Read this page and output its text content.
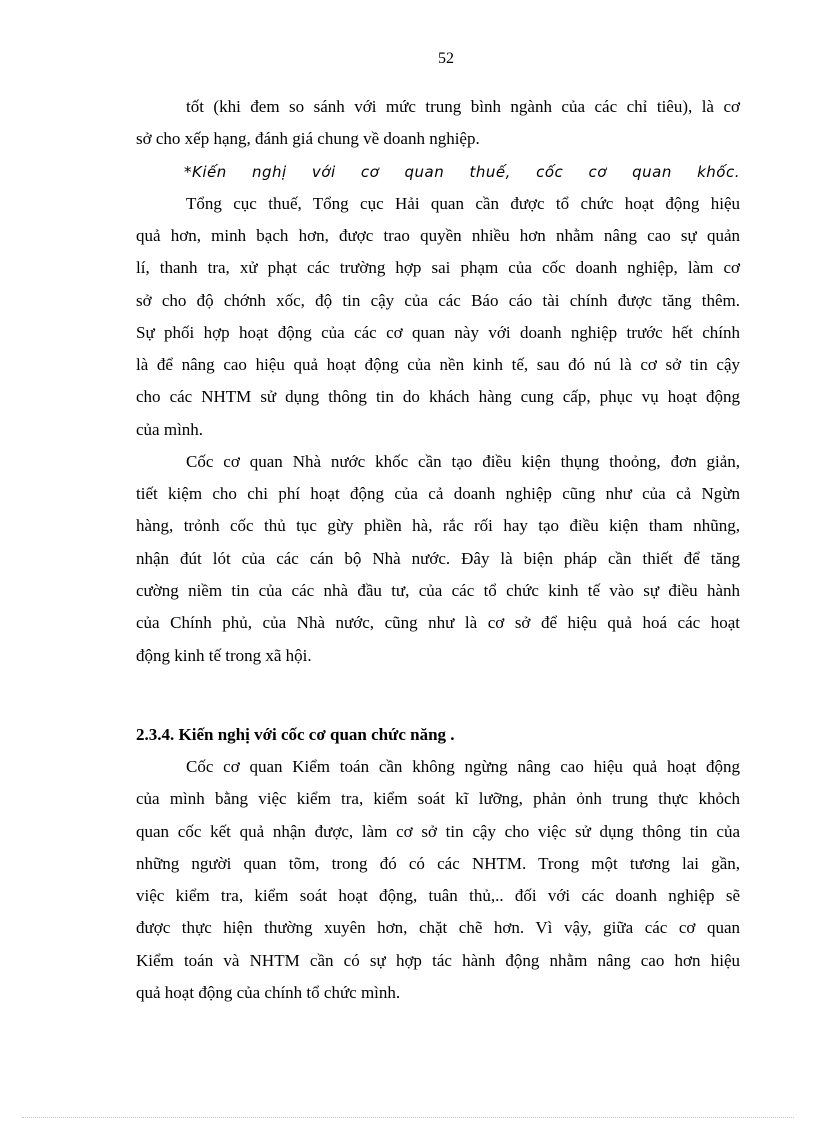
52
tốt (khi đem so sánh với mức trung bình ngành của các chỉ tiêu), là cơ
sở cho xếp hạng, đánh giá chung về doanh nghiệp.
*Kiến nghị với cơ quan thuế, cốc cơ quan khốc.
Tổng cục thuế, Tổng cục Hải quan cần được tổ chức hoạt động hiệu
quả hơn, minh bạch hơn, được trao quyền nhiều hơn nhằm nâng cao sự quản
lí, thanh tra, xử phạt các trường hợp sai phạm của cốc doanh nghiệp, làm cơ
sở cho độ chớnh xốc, độ tin cậy của các Báo cáo tài chính được tăng thêm.
Sự phối hợp hoạt động của các cơ quan này với doanh nghiệp trước hết chính
là để nâng cao hiệu quả hoạt động của nền kinh tế, sau đó nú là cơ sở tin cậy
cho các NHTM sử dụng thông tin do khách hàng cung cấp, phục vụ hoạt động
của mình.
Cốc cơ quan Nhà nước khốc cần tạo điều kiện thụng thoỏng, đơn giản,
tiết kiệm cho chi phí hoạt động của cả doanh nghiệp cũng như của cả Ngừn
hàng, trỏnh cốc thủ tục gừy phiền hà, rắc rối hay tạo điều kiện tham nhũng,
nhận đút lót của các cán bộ Nhà nước. Đây là biện pháp cần thiết để tăng
cường niềm tin của các nhà đầu tư, của các tổ chức kinh tế vào sự điều hành
của Chính phủ, của Nhà nước, cũng như là cơ sở để hiệu quả hoá các hoạt
động kinh tế trong xã hội.
2.3.4. Kiến nghị với cốc cơ quan chức năng .
Cốc cơ quan Kiểm toán cần không ngừng nâng cao hiệu quả hoạt động
của mình bằng việc kiểm tra, kiểm soát kĩ lưỡng, phản ỏnh trung thực khỏch
quan cốc kết quả nhận được, làm cơ sở tin cậy cho việc sử dụng thông tin của
những người quan tõm, trong đó có các NHTM. Trong một tương lai gần,
việc kiểm tra, kiểm soát hoạt động, tuân thủ,.. đối với các doanh nghiệp sẽ
được thực hiện thường xuyên hơn, chặt chẽ hơn. Vì vậy, giữa các cơ quan
Kiểm toán và NHTM cần có sự hợp tác hành động nhằm nâng cao hơn hiệu
quả hoạt động của chính tổ chức mình.
